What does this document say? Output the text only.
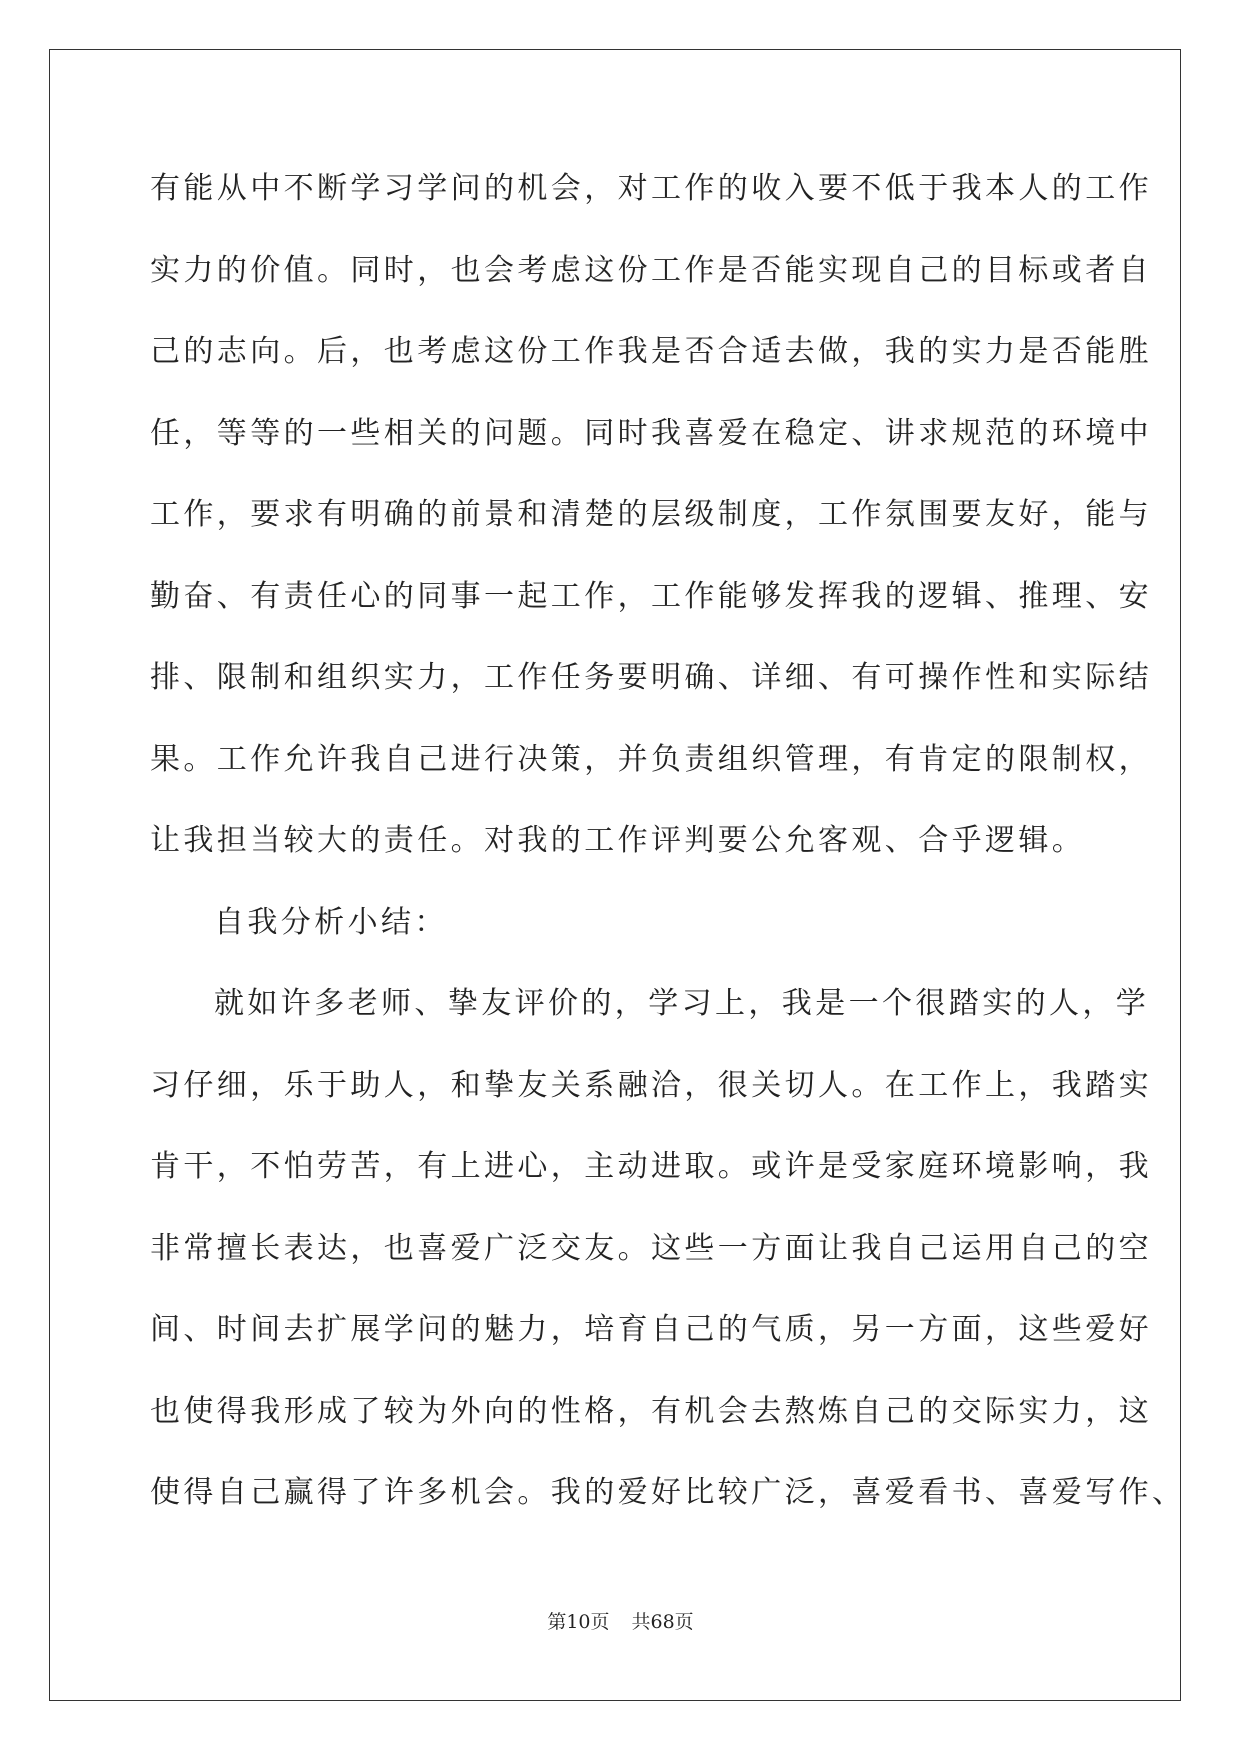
有能从中不断学习学问的机会，对工作的收入要不低于我本人的工作
实力的价值。同时，也会考虑这份工作是否能实现自己的目标或者自
己的志向。后，也考虑这份工作我是否合适去做，我的实力是否能胜
任，等等的一些相关的问题。同时我喜爱在稳定、讲求规范的环境中
工作，要求有明确的前景和清楚的层级制度，工作氛围要友好，能与
勤奋、有责任心的同事一起工作，工作能够发挥我的逻辑、推理、安
排、限制和组织实力，工作任务要明确、详细、有可操作性和实际结
果。工作允许我自己进行决策，并负责组织管理，有肯定的限制权，
让我担当较大的责任。对我的工作评判要公允客观、合乎逻辑。
自我分析小结：
就如许多老师、挚友评价的，学习上，我是一个很踏实的人，学
习仔细，乐于助人，和挚友关系融洽，很关切人。在工作上，我踏实
肯干，不怕劳苦，有上进心，主动进取。或许是受家庭环境影响，我
非常擅长表达，也喜爱广泛交友。这些一方面让我自己运用自己的空
间、时间去扩展学问的魅力，培育自己的气质，另一方面，这些爱好
也使得我形成了较为外向的性格，有机会去熬炼自己的交际实力，这
使得自己赢得了许多机会。我的爱好比较广泛，喜爱看书、喜爱写作、
第10页 共68页
